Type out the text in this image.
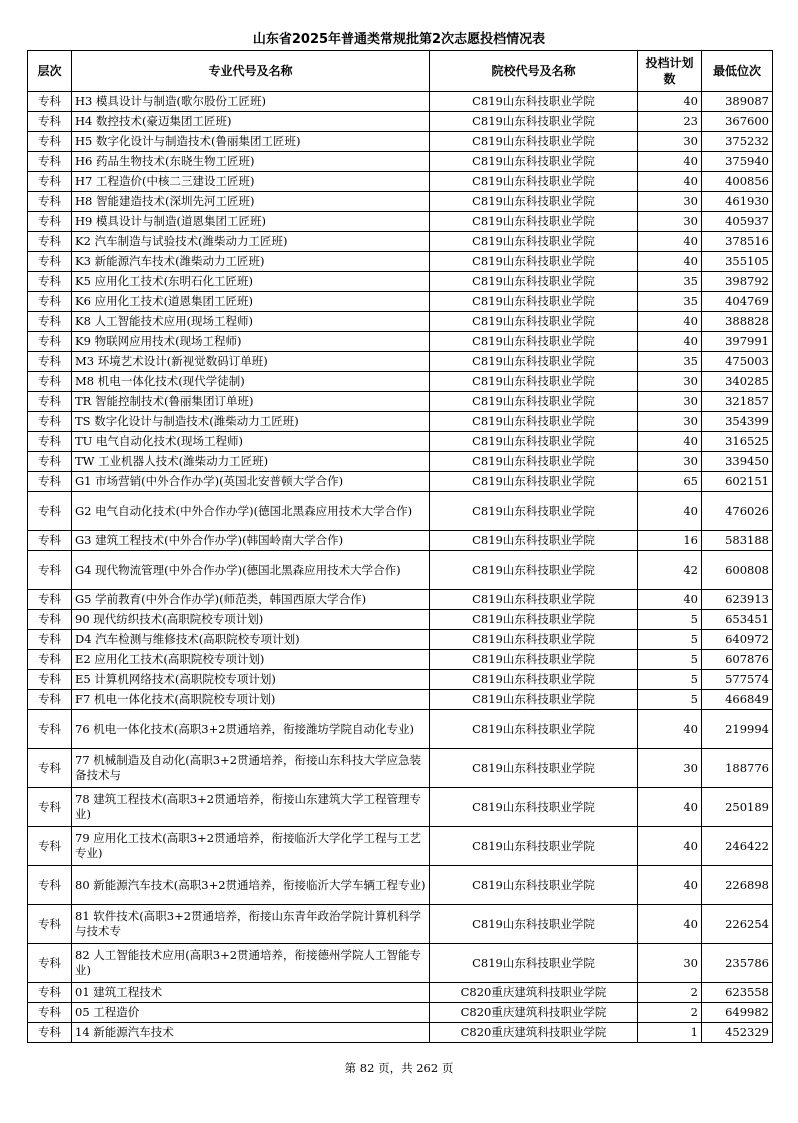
山东省2025年普通类常规批第2次志愿投档情况表
层次	专业代号及名称	院校代号及名称	投档计划数	最低位次
专科	H3 模具设计与制造(歌尔股份工匠班)	C819山东科技职业学院	40	389087
专科	H4 数控技术(豪迈集团工匠班)	C819山东科技职业学院	23	367600
专科	H5 数字化设计与制造技术(鲁丽集团工匠班)	C819山东科技职业学院	30	375232
专科	H6 药品生物技术(东晓生物工匠班)	C819山东科技职业学院	40	375940
专科	H7 工程造价(中核二三建设工匠班)	C819山东科技职业学院	40	400856
专科	H8 智能建造技术(深圳先河工匠班)	C819山东科技职业学院	30	461930
专科	H9 模具设计与制造(道恩集团工匠班)	C819山东科技职业学院	30	405937
专科	K2 汽车制造与试验技术(潍柴动力工匠班)	C819山东科技职业学院	40	378516
专科	K3 新能源汽车技术(潍柴动力工匠班)	C819山东科技职业学院	40	355105
专科	K5 应用化工技术(东明石化工匠班)	C819山东科技职业学院	35	398792
专科	K6 应用化工技术(道恩集团工匠班)	C819山东科技职业学院	35	404769
专科	K8 人工智能技术应用(现场工程师)	C819山东科技职业学院	40	388828
专科	K9 物联网应用技术(现场工程师)	C819山东科技职业学院	40	397991
专科	M3 环境艺术设计(新视觉数码订单班)	C819山东科技职业学院	35	475003
专科	M8 机电一体化技术(现代学徒制)	C819山东科技职业学院	30	340285
专科	TR 智能控制技术(鲁丽集团订单班)	C819山东科技职业学院	30	321857
专科	TS 数字化设计与制造技术(潍柴动力工匠班)	C819山东科技职业学院	30	354399
专科	TU 电气自动化技术(现场工程师)	C819山东科技职业学院	40	316525
专科	TW 工业机器人技术(潍柴动力工匠班)	C819山东科技职业学院	30	339450
专科	G1 市场营销(中外合作办学)(英国北安普顿大学合作)	C819山东科技职业学院	65	602151
专科	G2 电气自动化技术(中外合作办学)(德国北黑森应用技术大学合作)	C819山东科技职业学院	40	476026
专科	G3 建筑工程技术(中外合作办学)(韩国岭南大学合作)	C819山东科技职业学院	16	583188
专科	G4 现代物流管理(中外合作办学)(德国北黑森应用技术大学合作)	C819山东科技职业学院	42	600808
专科	G5 学前教育(中外合作办学)(师范类，韩国西原大学合作)	C819山东科技职业学院	40	623913
专科	90 现代纺织技术(高职院校专项计划)	C819山东科技职业学院	5	653451
专科	D4 汽车检测与维修技术(高职院校专项计划)	C819山东科技职业学院	5	640972
专科	E2 应用化工技术(高职院校专项计划)	C819山东科技职业学院	5	607876
专科	E5 计算机网络技术(高职院校专项计划)	C819山东科技职业学院	5	577574
专科	F7 机电一体化技术(高职院校专项计划)	C819山东科技职业学院	5	466849
专科	76 机电一体化技术(高职3+2贯通培养，衔接潍坊学院自动化专业)	C819山东科技职业学院	40	219994
专科	77 机械制造及自动化(高职3+2贯通培养，衔接山东科技大学应急装备技术与	C819山东科技职业学院	30	188776
专科	78 建筑工程技术(高职3+2贯通培养，衔接山东建筑大学工程管理专业)	C819山东科技职业学院	40	250189
专科	79 应用化工技术(高职3+2贯通培养，衔接临沂大学化学工程与工艺专业)	C819山东科技职业学院	40	246422
专科	80 新能源汽车技术(高职3+2贯通培养，衔接临沂大学车辆工程专业)	C819山东科技职业学院	40	226898
专科	81 软件技术(高职3+2贯通培养，衔接山东青年政治学院计算机科学与技术专	C819山东科技职业学院	40	226254
专科	82 人工智能技术应用(高职3+2贯通培养，衔接德州学院人工智能专业)	C819山东科技职业学院	30	235786
专科	01 建筑工程技术	C820重庆建筑科技职业学院	2	623558
专科	05 工程造价	C820重庆建筑科技职业学院	2	649982
专科	14 新能源汽车技术	C820重庆建筑科技职业学院	1	452329
第 82 页，共 262 页
